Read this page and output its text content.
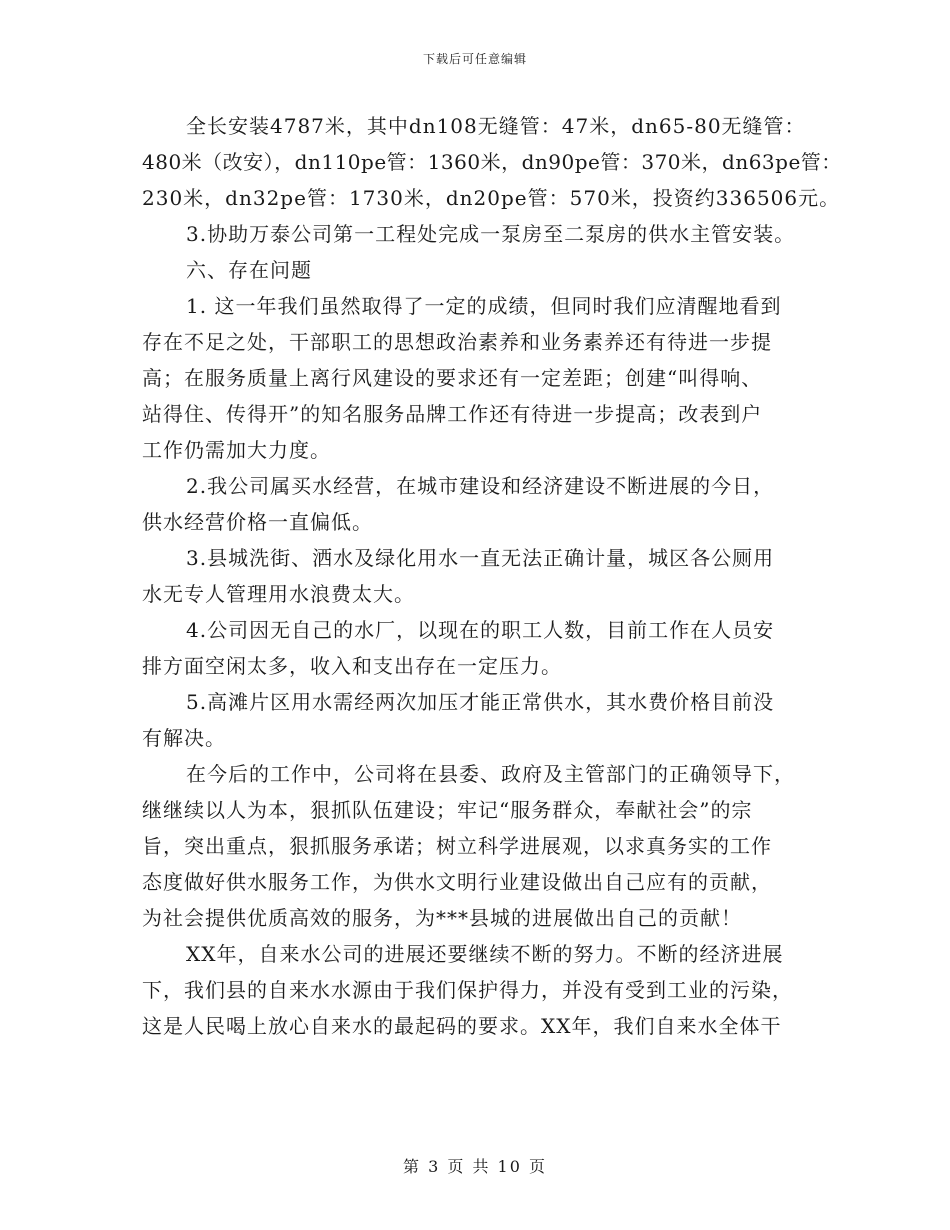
下载后可任意编辑
全长安装4787米，其中dn108无缝管：47米，dn65-80无缝管：
480米（改安），dn110pe管：1360米，dn90pe管：370米，dn63pe管：
230米，dn32pe管：1730米，dn20pe管：570米，投资约336506元。
3.协助万泰公司第一工程处完成一泵房至二泵房的供水主管安装。
六、存在问题
1. 这一年我们虽然取得了一定的成绩，但同时我们应清醒地看到
存在不足之处，干部职工的思想政治素养和业务素养还有待进一步提
高；在服务质量上离行风建设的要求还有一定差距；创建“叫得响、
站得住、传得开”的知名服务品牌工作还有待进一步提高；改表到户
工作仍需加大力度。
2.我公司属买水经营，在城市建设和经济建设不断进展的今日，
供水经营价格一直偏低。
3.县城洗街、洒水及绿化用水一直无法正确计量，城区各公厕用
水无专人管理用水浪费太大。
4.公司因无自己的水厂，以现在的职工人数，目前工作在人员安
排方面空闲太多，收入和支出存在一定压力。
5.高滩片区用水需经两次加压才能正常供水，其水费价格目前没
有解决。
在今后的工作中，公司将在县委、政府及主管部门的正确领导下，
继继续以人为本，狠抓队伍建设；牢记“服务群众，奉献社会”的宗
旨，突出重点，狠抓服务承诺；树立科学进展观，以求真务实的工作
态度做好供水服务工作，为供水文明行业建设做出自己应有的贡献，
为社会提供优质高效的服务，为***县城的进展做出自己的贡献！
XX年，自来水公司的进展还要继续不断的努力。不断的经济进展
下，我们县的自来水水源由于我们保护得力，并没有受到工业的污染，
这是人民喝上放心自来水的最起码的要求。XX年，我们自来水全体干
第 3 页 共 10 页
